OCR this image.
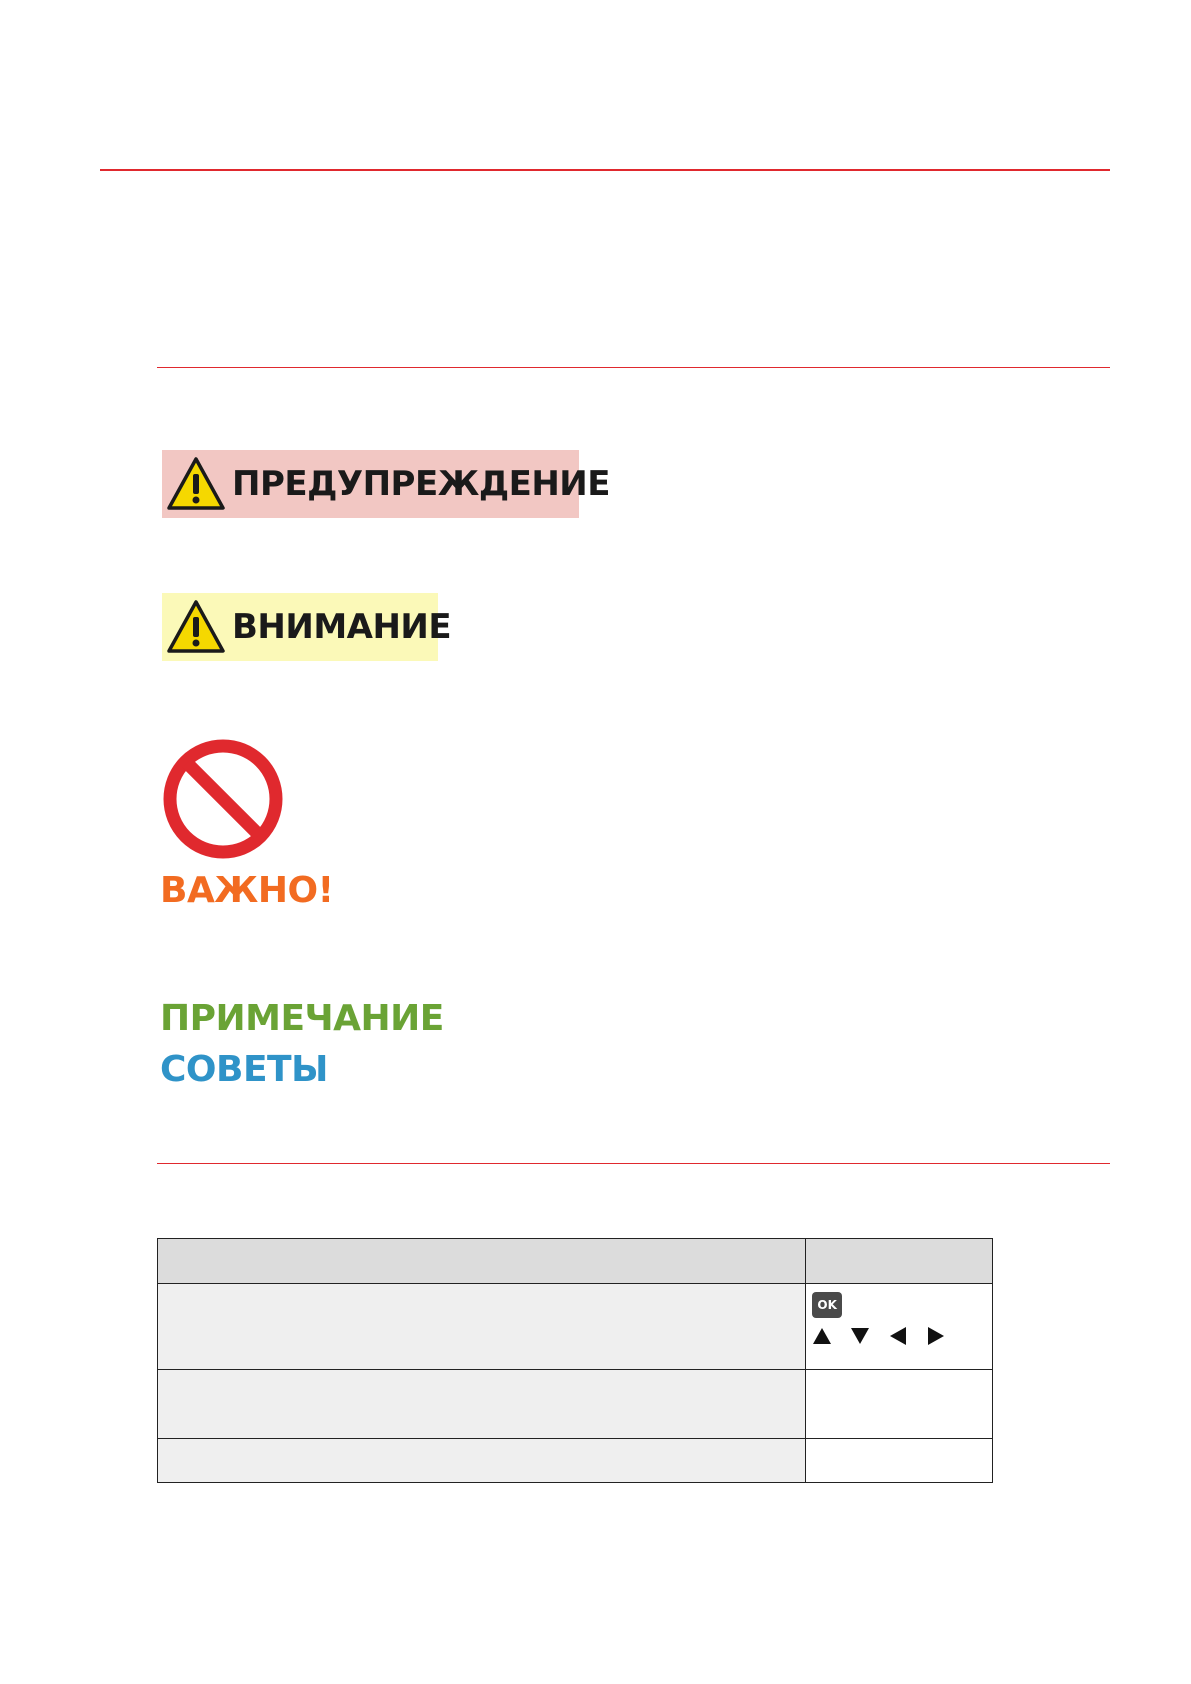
ПРЕДУПРЕЖДЕНИЕ
ВНИМАНИЕ
ВАЖНО!
ПРИМЕЧАНИЕ
СОВЕТЫ

	OK
